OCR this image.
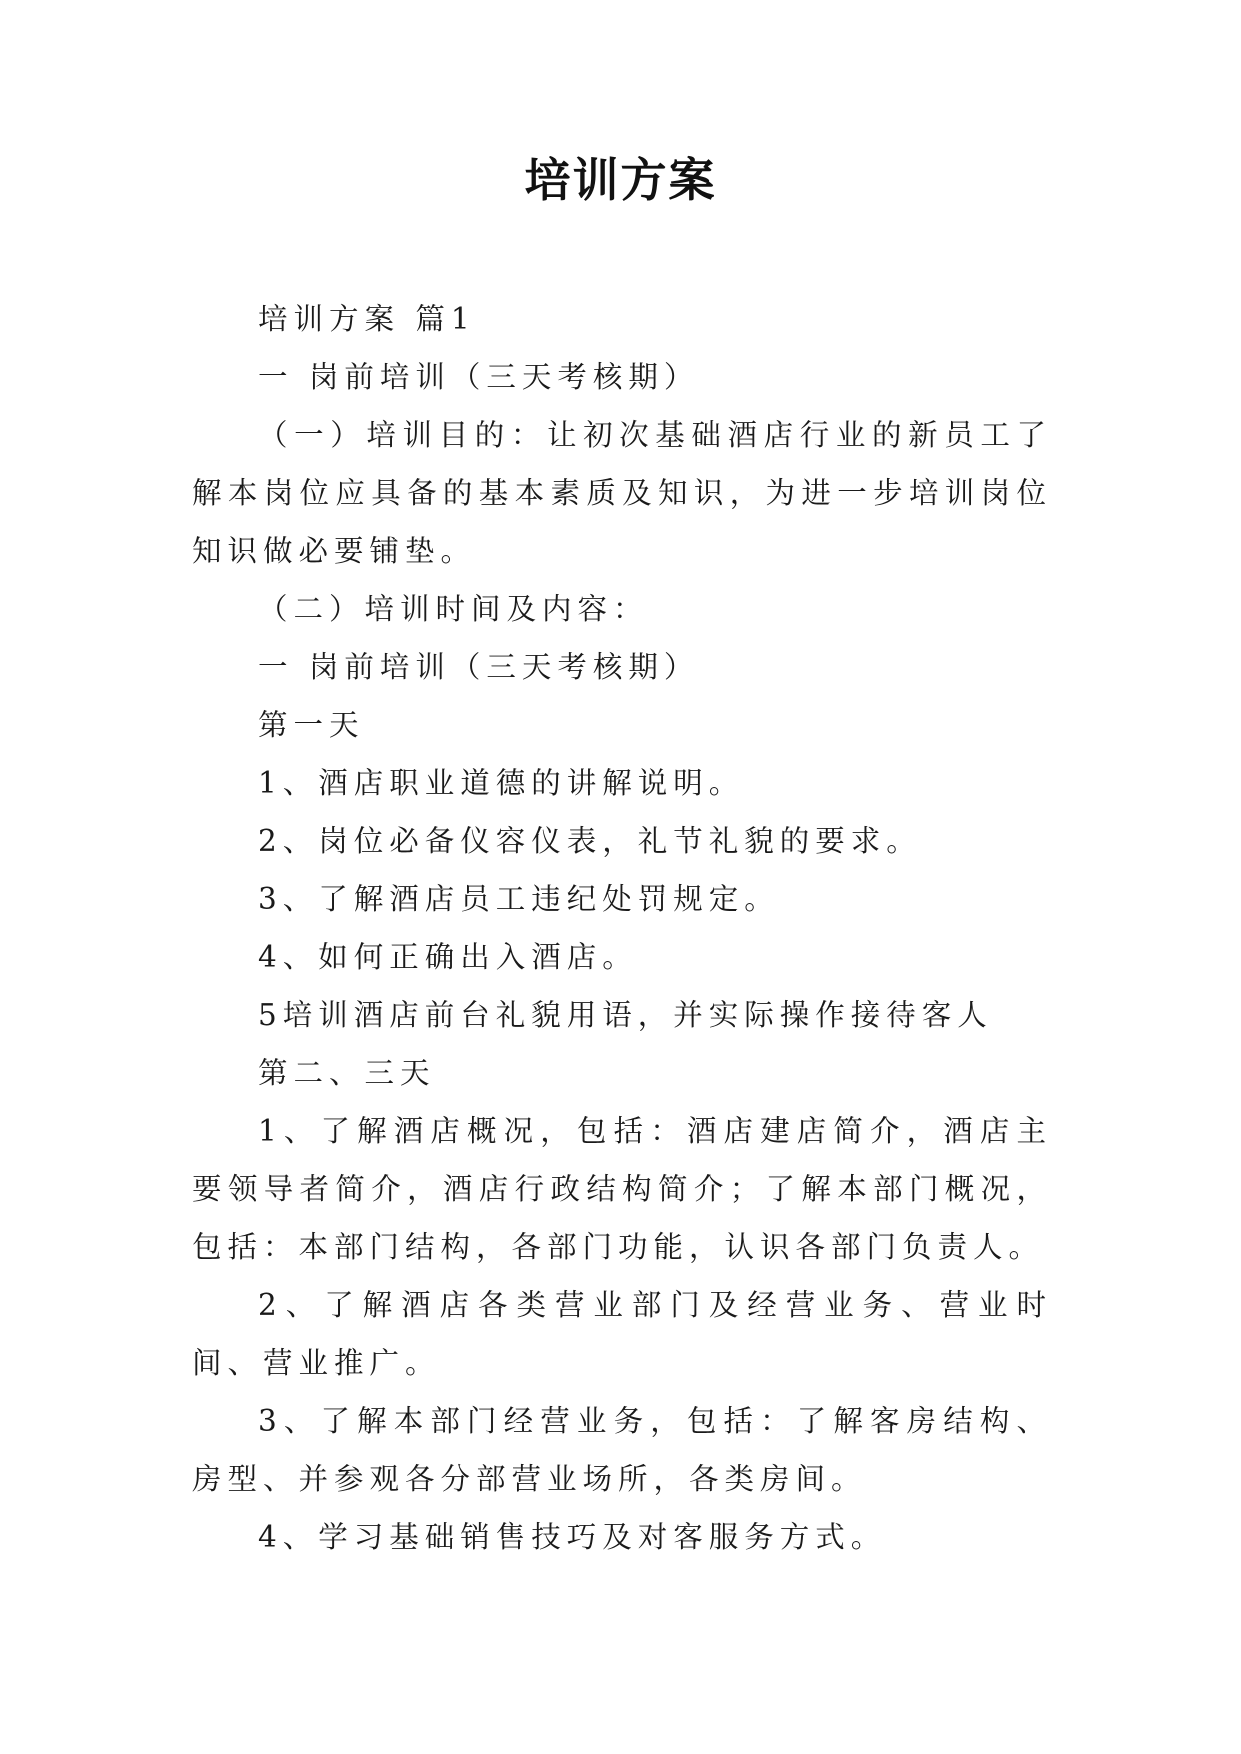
培训方案

培训方案 篇1

一 岗前培训（三天考核期）

（一）培训目的：让初次基础酒店行业的新员工了解本岗位应具备的基本素质及知识，为进一步培训岗位知识做必要铺垫。

（二）培训时间及内容：

一 岗前培训（三天考核期）

第一天

1、酒店职业道德的讲解说明。

2、岗位必备仪容仪表，礼节礼貌的要求。

3、了解酒店员工违纪处罚规定。

4、如何正确出入酒店。

5培训酒店前台礼貌用语，并实际操作接待客人

第二、三天

1、了解酒店概况，包括：酒店建店简介，酒店主要领导者简介，酒店行政结构简介；了解本部门概况，包括：本部门结构，各部门功能，认识各部门负责人。

2、了解酒店各类营业部门及经营业务、营业时间、营业推广。

3、了解本部门经营业务，包括：了解客房结构、房型、并参观各分部营业场所，各类房间。

4、学习基础销售技巧及对客服务方式。
